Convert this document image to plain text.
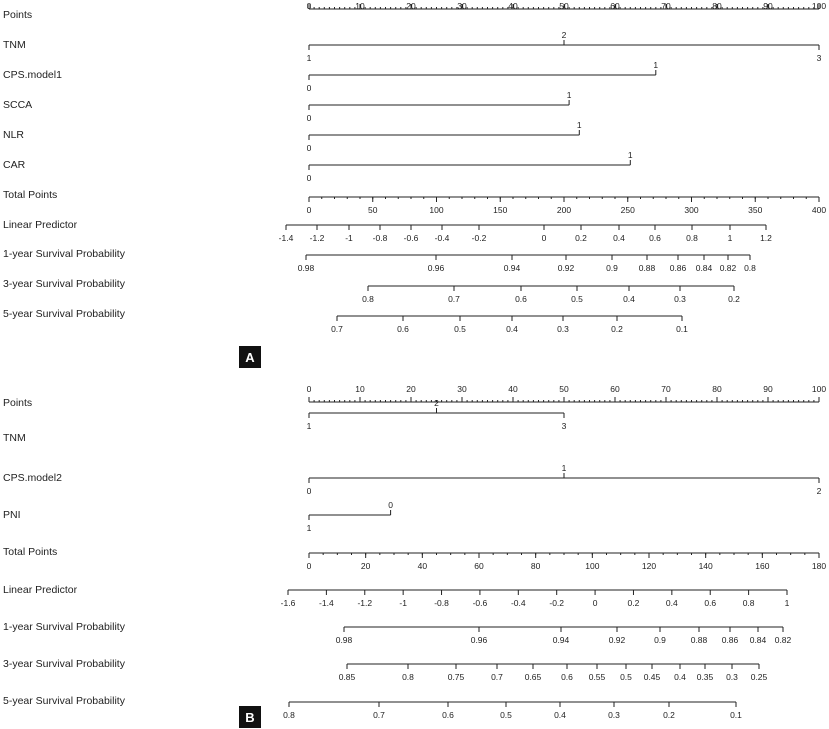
Points
0	10	20	30	40	50	60	70	80	90	100
TNM
1
2
3
CPS.model1
0
1
SCCA
0
1
NLR
0
1
CAR
0
1
Total Points
0	50	100	150	200	250	300	350	400
Linear Predictor
-1.4 -1.2 -1 -0.8 -0.6 -0.4	-0.2	0	0.2	0.4	0.6	0.8	1	1.2
1-year Survival Probability
0.98	0.96	0.94	0.92	0.9 0.88 0.86 0.84 0.82 0.8
3-year Survival Probability
0.8	0.7	0.6	0.5	0.4	0.3	0.2
5-year Survival Probability
0.7	0.6	0.5	0.4	0.3	0.2	0.1
A
Points
0	10	20	30	40	50	60	70	80	90	100
TNM
1
2
3
CPS.model2
0
1
2
PNI
1
0
Total Points
0	20	40	60	80	100	120	140	160	180
Linear Predictor
-1.6	-1.4	-1.2	-1	-0.8	-0.6	-0.4	-0.2	0	0.2	0.4	0.6	0.8	1
1-year Survival Probability
0.98	0.96	0.94	0.92	0.9	0.88 0.86 0.84 0.82
3-year Survival Probability
0.85	0.8	0.75	0.7	0.65 0.6 0.55 0.5 0.45 0.4 0.35 0.3 0.25
5-year Survival Probability
0.8	0.7	0.6	0.5	0.4	0.3	0.2	0.1
B
